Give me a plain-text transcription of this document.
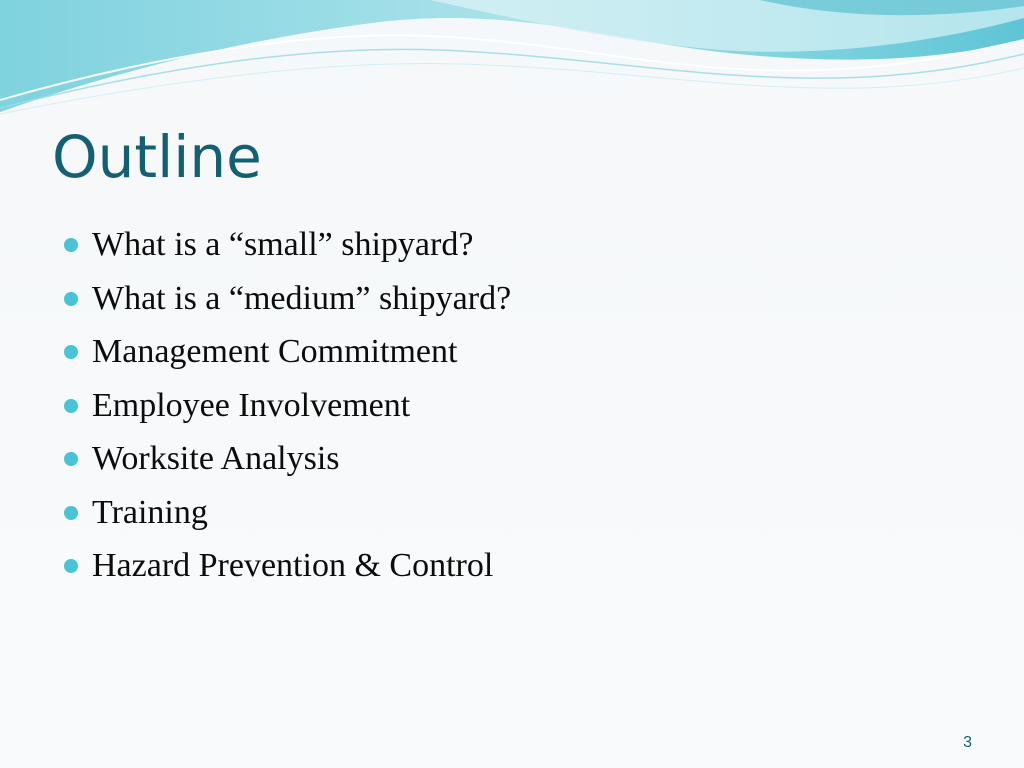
Outline
What is a “small” shipyard?
What is a “medium” shipyard?
Management Commitment
Employee Involvement
Worksite Analysis
Training
Hazard Prevention & Control
3
